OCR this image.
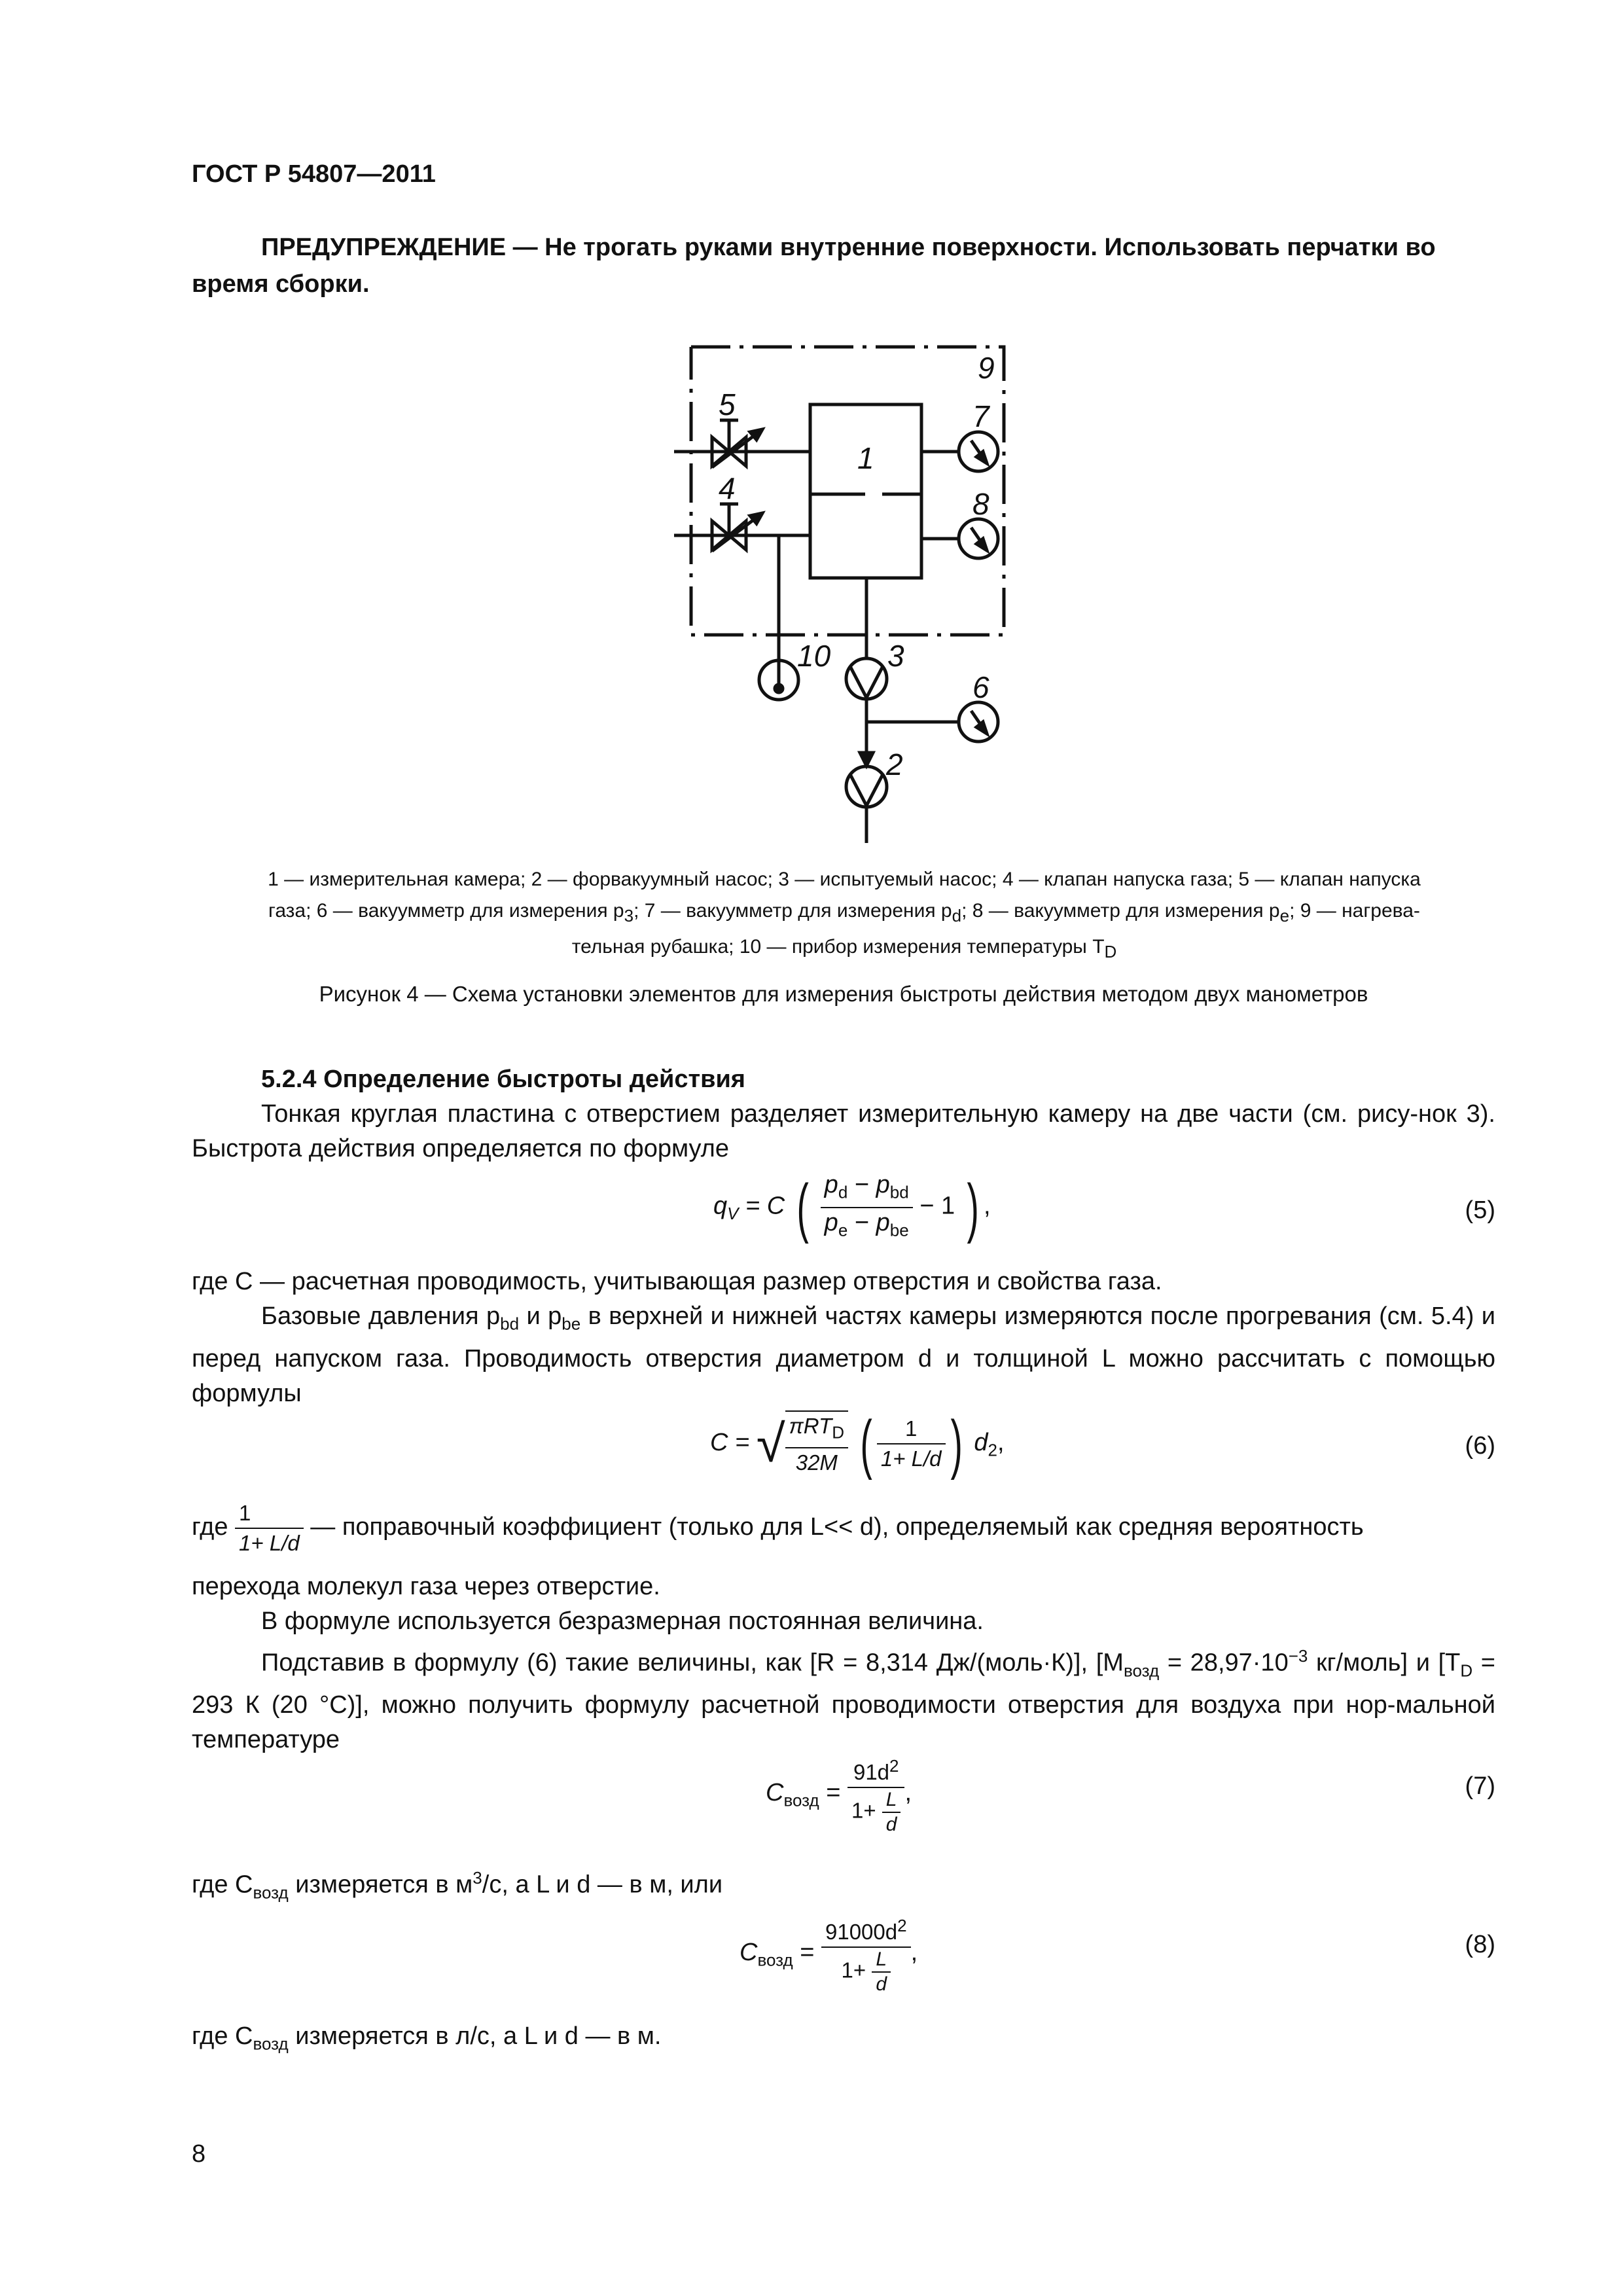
ГОСТ Р 54807—2011
ПРЕДУПРЕЖДЕНИЕ — Не трогать руками внутренние поверхности. Использовать перчатки во время сборки.
9
5	7
1
4	8
10 3
6
2
1 — измерительная камера; 2 — форвакуумный насос; 3 — испытуемый насос; 4 — клапан напуска газа; 5 — клапан напуска
газа; 6 — вакуумметр для измерения $p_3$; 7 — вакуумметр для измерения $p_d$; 8 — вакуумметр для измерения $p_e$; 9 — нагрева-
тельная рубашка; 10 — прибор измерения температуры $T_D$
Рисунок 4 — Схема установки элементов для измерения быстроты действия методом двух манометров
5.2.4 Определение быстроты действия
Тонкая круглая пластина с отверстием разделяет измерительную камеру на две части (см. рису-нок 3). Быстрота действия определяется по формуле
$q_V = C$ ( $\frac{p_d - p_{bd}}{p_e - p_{be}} - 1$ ) ,	(5)
где C — расчетная проводимость, учитывающая размер отверстия и свойства газа.
Базовые давления $p_{bd}$ и $p_{be}$ в верхней и нижней частях камеры измеряются после прогревания (см. 5.4) и перед напуском газа. Проводимость отверстия диаметром d и толщиной L можно рассчитать с помощью формулы
C = √ $\frac{\pi RT_D}{32M}$ ( $\frac{1}{1+ L/d}$ ) $d_2$,	(6)
где $\frac{1}{1+ L/d}$ — поправочный коэффициент (только для L<< d), определяемый как средняя вероятность
перехода молекул газа через отверстие.
В формуле используется безразмерная постоянная величина.
Подставив в формулу (6) такие величины, как [R = 8,314 Дж/(моль·К)], [$M_{возд} = 28,97\cdot 10^{-3}$ кг/моль] и [$T_D = 293$ К (20 °С)], можно получить формулу расчетной проводимости отверстия для воздуха при нор-мальной температуре
$C_{возд} = \frac{91d^2}{1+ \frac{L}{d}}$ ,	(7)
где $C_{возд}$ измеряется в $м^3/с$, а L и d — в м, или
$C_{возд} = \frac{91000d^2}{1+ \frac{L}{d}}$ ,	(8)
где $C_{возд}$ измеряется в л/с, а L и d — в м.
8
